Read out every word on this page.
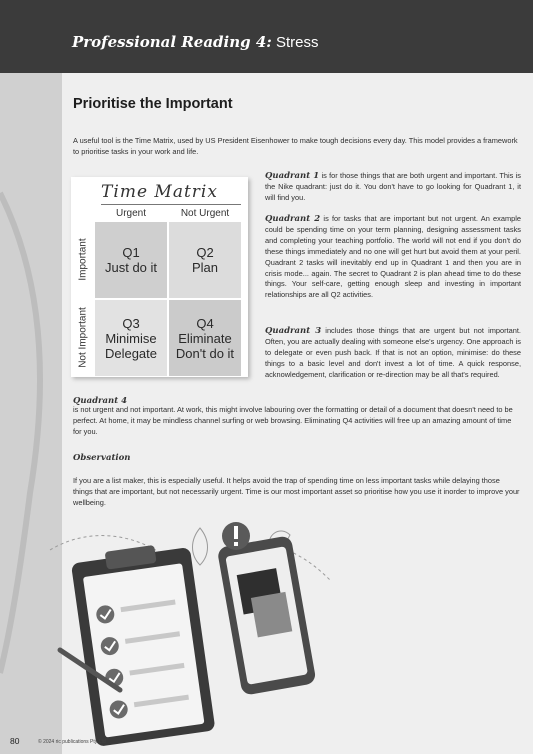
Professional Reading 4: Stress
Prioritise the Important
A useful tool is the Time Matrix, used by US President Eisenhower to make tough decisions every day. This model provides a framework to prioritise tasks in your work and life.
Time Matrix
Urgent	Not Urgent
Important
Not Important
Q1
Just do it
Q2
Plan
Q3
Minimise
Delegate
Q4
Eliminate
Don't do it
Quadrant 1 is for those things that are both urgent and important. This is the Nike quadrant: just do it. You don't have to go looking for Quadrant 1, it will find you.
Quadrant 2 is for tasks that are important but not urgent. An example could be spending time on your term planning, designing assessment tasks and completing your teaching portfolio. The world will not end if you don't do these things immediately and no one will get hurt but avoid them at your peril. Quadrant 2 tasks will inevitably end up in Quadrant 1 and then you are in crisis mode... again. The secret to Quadrant 2 is plan ahead time to do these things. Your self-care, getting enough sleep and investing in important relationships are all Q2 activities.
Quadrant 3 includes those things that are urgent but not important. Often, you are actually dealing with someone else's urgency. One approach is to delegate or even push back. If that is not an option, minimise: do these things to a basic level and don't invest a lot of time. A quick response, acknowledgement, clarification or re-direction may be all that's required.
Quadrant 4
is not urgent and not important. At work, this might involve labouring over the formatting or detail of a document that doesn't need to be perfect. At home, it may be mindless channel surfing or web browsing. Eliminating Q4 activities will free up an amazing amount of time for you.
Observation
If you are a list maker, this is especially useful. It helps avoid the trap of spending time on less important tasks while delaying those things that are important, but not necessarily urgent. Time is our most important asset so prioritise how you use it inorder to improve your wellbeing.
80	© 2024 ric publications Pty Ltd
